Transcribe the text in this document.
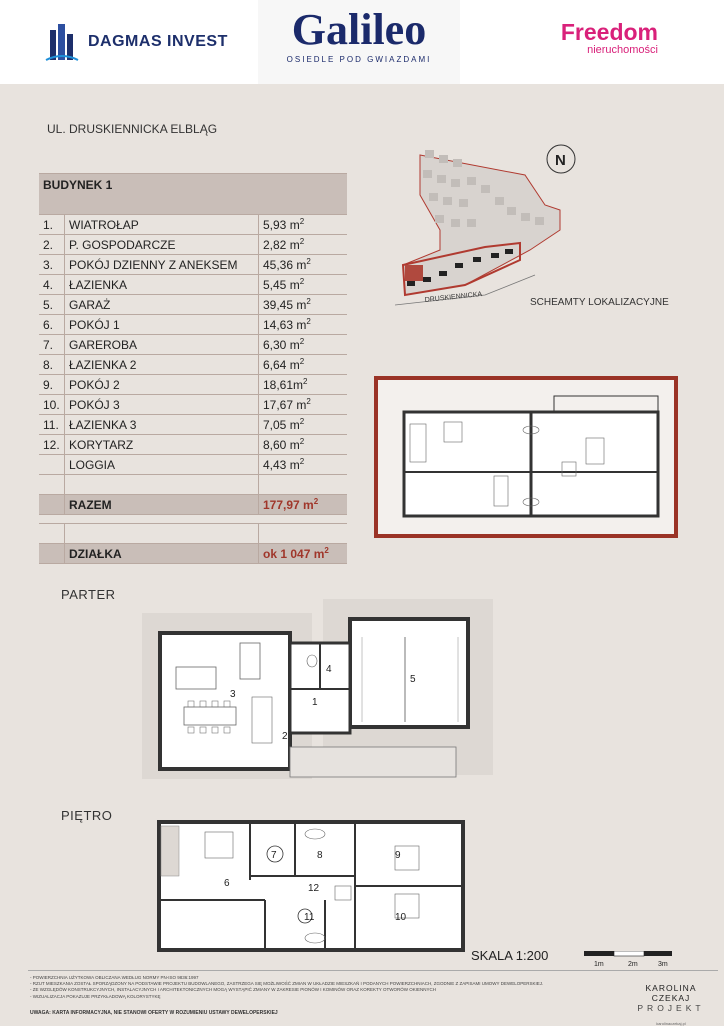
DAGMAS INVEST	Galileo
OSIEDLE POD GWIAZDAMI
Freedom
nieruchomości
UL. DRUSKIENNICKA ELBLĄG
BUDYNEK 1		
1.	WIATROŁAP	5,93 $m^2$
2.	P. GOSPODARCZE	2,82 $m^2$
3.	POKÓJ DZIENNY Z ANEKSEM	45,36 $m^2$
4.	ŁAZIENKA	5,45 $m^2$
5.	GARAŻ	39,45 $m^2$
6.	POKÓJ 1	14,63 $m^2$
7.	GAREROBA	6,30 $m^2$
8.	ŁAZIENKA 2	6,64 $m^2$
9.	POKÓJ 2	$18,61m^2$
10.	POKÓJ 3	17,67 $m^2$
11.	ŁAZIENKA 3	7,05 $m^2$
12.	KORYTARZ	8,60 $m^2$
	LOGGIA	4,43 $m^2$

	RAZEM	177,97 $m^2$

	DZIAŁKA	ok 1 047 $m^2$
DRUSKIENNICKA
N
SCHEAMTY LOKALIZACYJNE
PARTER
3
4
1
2
5
PIĘTRO
6
7	8	9
12
11	10
SKALA 1:200
1m	2m	3m
- POWIERZCHNIA UŻYTKOWA OBLICZANA WEDŁUG NORMY PN-ISO 9836:1997
- RZUT MIESZKANIA ZOSTAŁ SPORZĄDZONY NA PODSTAWIE PROJEKTU BUDOWLANEGO, ZASTRZEGA SIĘ MOŻLIWOŚĆ ZMIAN W UKŁADZIE MIESZKAŃ I PODANYCH POWIERZCHNIACH, ZGODNIE Z ZAPISAMI UMOWY DEWELOPERSKIEJ.
- ZE WZGLĘDÓW KONSTRUKCYJNYCH, INSTALACYJNYCH I ARCHITEKTONICZNYCH MOGĄ WYSTĄPIĆ ZMIANY W ZAKRESIE PIONÓW I KOMINÓW ORAZ KOREKTY OTWORÓW OKIENNYCH
- WIZUALIZACJA POKAZUJE PRZYKŁADOWĄ KOLORYSTYKĘ
UWAGA: KARTA INFORMACYJNA, NIE STANOWI OFERTY W ROZUMIENIU USTAWY DEWELOPERSKIEJ
KAROLINA CZEKAJ
PROJEKT
karolinaczekaj.pl
